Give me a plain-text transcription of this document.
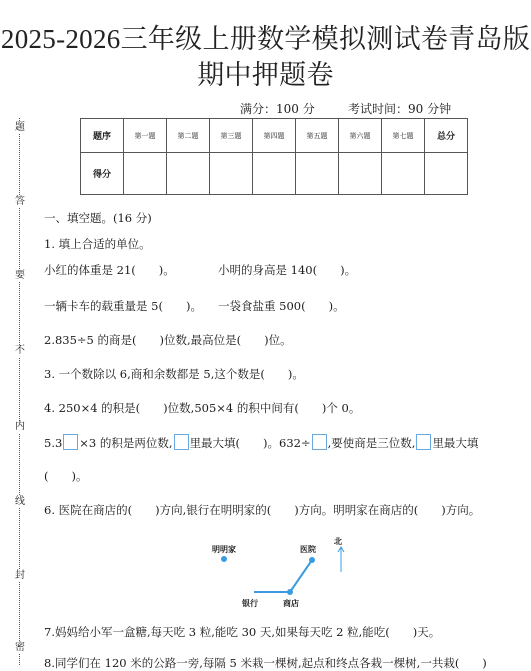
2025-2026三年级上册数学模拟测试卷青岛版
期中押题卷
满分：100 分	考试时间：90 分钟
题
答
要
不
内
线
封
密
题序	第一题	第二题	第三题	第四题	第五题	第六题	第七题	总分
得分								
一、填空题。(16 分)
1. 填上合适的单位。
小红的体重是 21(　　)。	小明的身高是 140(　　)。
一辆卡车的载重量是 5(　　)。 一袋食盐重 500(　　)。
2.835÷5 的商是(　　)位数,最高位是(　　)位。
3. 一个数除以 6,商和余数都是 5,这个数是(　　)。
4. 250×4 的积是(　　)位数,505×4 的积中间有(　　)个 0。
5.3 ×3 的积是两位数, 里最大填(　　)。632÷ ,要使商是三位数, 里最大填
(　　)。
6. 医院在商店的(　　)方向,银行在明明家的(　　)方向。明明家在商店的(　　)方向。
明明家	医院
北
银行	商店
7.妈妈给小军一盒糖,每天吃 3 粒,能吃 30 天,如果每天吃 2 粒,能吃(　　)天。
8.同学们在 120 米的公路一旁,每隔 5 米栽一棵树,起点和终点各栽一棵树,一共栽(　　)
